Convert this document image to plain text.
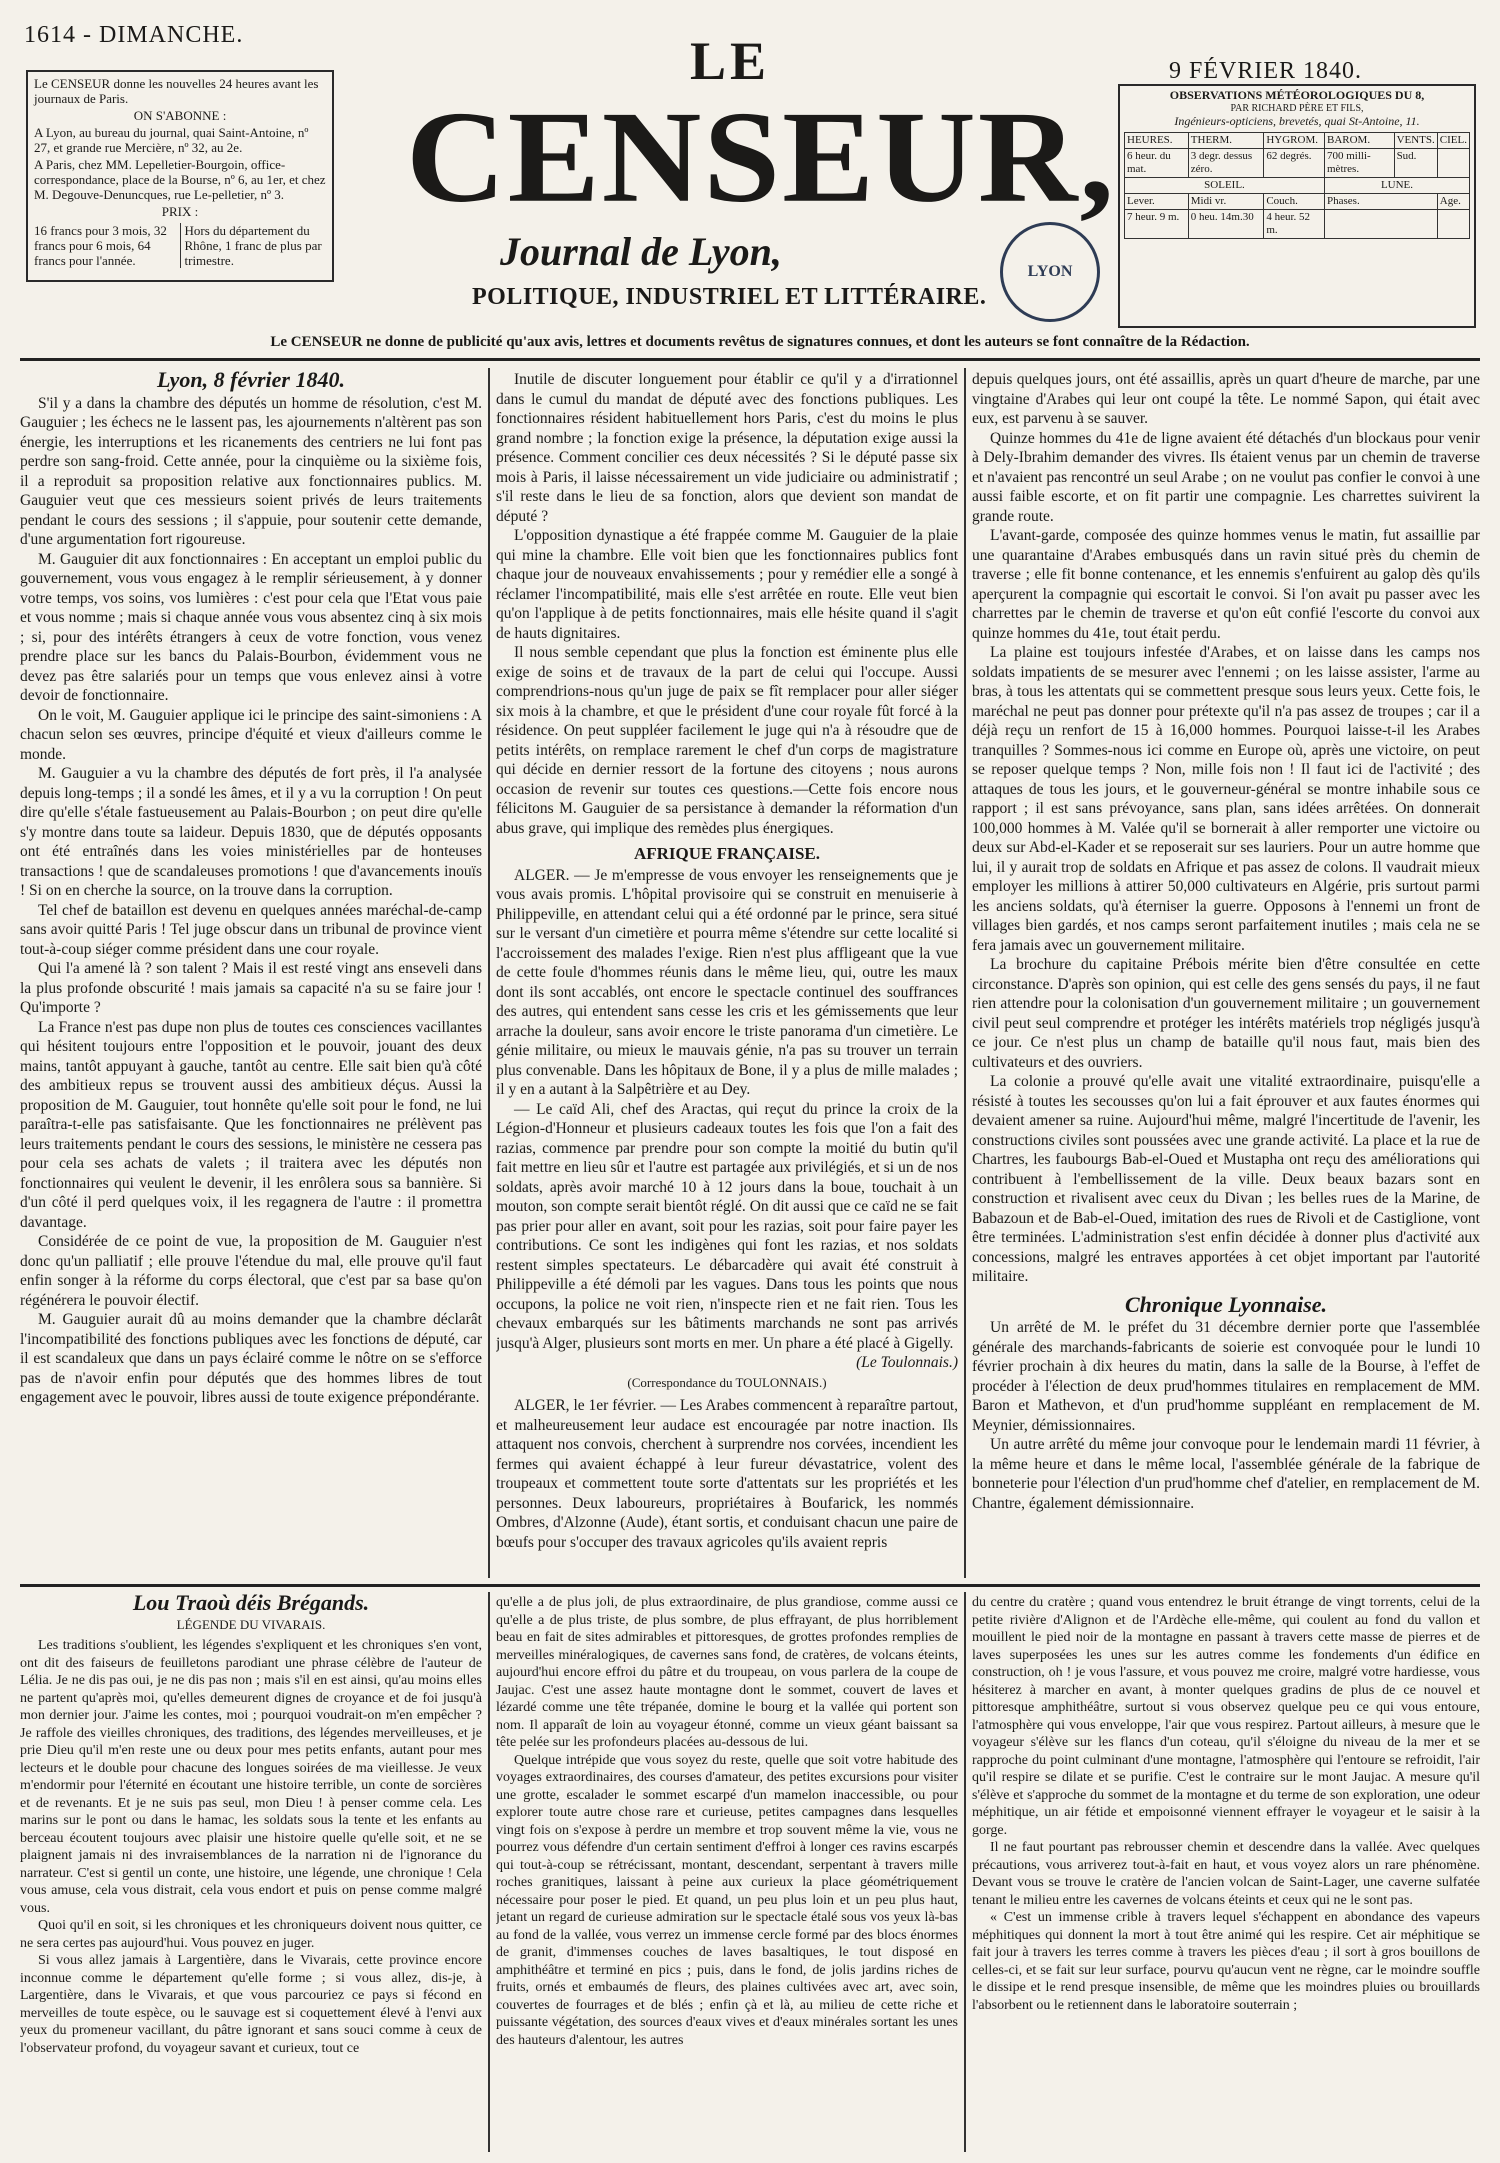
1614 - DIMANCHE.
9 FÉVRIER 1840.

Le CENSEUR donne les nouvelles 24 heures avant les journaux de Paris.

ON S'ABONNE :

A Lyon, au bureau du journal, quai Saint-Antoine, nº 27, et grande rue Mercière, nº 32, au 2e.

A Paris, chez MM. Lepelletier-Bourgoin, office-correspondance, place de la Bourse, nº 6, au 1er, et chez M. Degouve-Denuncques, rue Le-pelletier, nº 3.

PRIX :

16 francs pour 3 mois, 32 francs pour 6 mois, 64 francs pour l'année.
Hors du département du Rhône, 1 franc de plus par trimestre.
LE
CENSEUR,
Journal de Lyon,
POLITIQUE, INDUSTRIEL ET LITTÉRAIRE.
LYON
OBSERVATIONS MÉTÉOROLOGIQUES DU 8,
PAR RICHARD PÈRE ET FILS,
Ingénieurs-opticiens, brevetés, quai St-Antoine, 11.
HEURES.	THERM.	HYGROM.	BAROM.	VENTS.	CIEL.
6 heur. du mat.	3 degr. dessus zéro.	62 degrés.	700 milli-mètres.	Sud.	
SOLEIL.			LUNE.		
Lever.	Midi vr.	Couch.	Phases.		Age.
7 heur. 9 m.	0 heu. 14m.30	4 heur. 52 m.			
Le CENSEUR ne donne de publicité qu'aux avis, lettres et documents revêtus de signatures connues, et dont les auteurs se font connaître de la Rédaction.
Lyon, 8 février 1840.

S'il y a dans la chambre des députés un homme de résolution, c'est M. Gauguier ; les échecs ne le lassent pas, les ajournements n'altèrent pas son énergie, les interruptions et les ricanements des centriers ne lui font pas perdre son sang-froid. Cette année, pour la cinquième ou la sixième fois, il a reproduit sa proposition relative aux fonctionnaires publics. M. Gauguier veut que ces messieurs soient privés de leurs traitements pendant le cours des sessions ; il s'appuie, pour soutenir cette demande, d'une argumentation fort rigoureuse.

M. Gauguier dit aux fonctionnaires : En acceptant un emploi public du gouvernement, vous vous engagez à le remplir sérieusement, à y donner votre temps, vos soins, vos lumières : c'est pour cela que l'Etat vous paie et vous nomme ; mais si chaque année vous vous absentez cinq à six mois ; si, pour des intérêts étrangers à ceux de votre fonction, vous venez prendre place sur les bancs du Palais-Bourbon, évidemment vous ne devez pas être salariés pour un temps que vous enlevez ainsi à votre devoir de fonctionnaire.

On le voit, M. Gauguier applique ici le principe des saint-simoniens : A chacun selon ses œuvres, principe d'équité et vieux d'ailleurs comme le monde.

M. Gauguier a vu la chambre des députés de fort près, il l'a analysée depuis long-temps ; il a sondé les âmes, et il y a vu la corruption ! On peut dire qu'elle s'étale fastueusement au Palais-Bourbon ; on peut dire qu'elle s'y montre dans toute sa laideur. Depuis 1830, que de députés opposants ont été entraînés dans les voies ministérielles par de honteuses transactions ! que de scandaleuses promotions ! que d'avancements inouïs ! Si on en cherche la source, on la trouve dans la corruption.

Tel chef de bataillon est devenu en quelques années maréchal-de-camp sans avoir quitté Paris ! Tel juge obscur dans un tribunal de province vient tout-à-coup siéger comme président dans une cour royale.

Qui l'a amené là ? son talent ? Mais il est resté vingt ans enseveli dans la plus profonde obscurité ! mais jamais sa capacité n'a su se faire jour ! Qu'importe ?

La France n'est pas dupe non plus de toutes ces consciences vacillantes qui hésitent toujours entre l'opposition et le pouvoir, jouant des deux mains, tantôt appuyant à gauche, tantôt au centre. Elle sait bien qu'à côté des ambitieux repus se trouvent aussi des ambitieux déçus. Aussi la proposition de M. Gauguier, tout honnête qu'elle soit pour le fond, ne lui paraîtra-t-elle pas satisfaisante. Que les fonctionnaires ne prélèvent pas leurs traitements pendant le cours des sessions, le ministère ne cessera pas pour cela ses achats de valets ; il traitera avec les députés non fonctionnaires qui veulent le devenir, il les enrôlera sous sa bannière. Si d'un côté il perd quelques voix, il les regagnera de l'autre : il promettra davantage.

Considérée de ce point de vue, la proposition de M. Gauguier n'est donc qu'un palliatif ; elle prouve l'étendue du mal, elle prouve qu'il faut enfin songer à la réforme du corps électoral, que c'est par sa base qu'on régénérera le pouvoir électif.

M. Gauguier aurait dû au moins demander que la chambre déclarât l'incompatibilité des fonctions publiques avec les fonctions de député, car il est scandaleux que dans un pays éclairé comme le nôtre on se s'efforce pas de n'avoir enfin pour députés que des hommes libres de tout engagement avec le pouvoir, libres aussi de toute exigence prépondérante.

Inutile de discuter longuement pour établir ce qu'il y a d'irrationnel dans le cumul du mandat de député avec des fonctions publiques. Les fonctionnaires résident habituellement hors Paris, c'est du moins le plus grand nombre ; la fonction exige la présence, la députation exige aussi la présence. Comment concilier ces deux nécessités ? Si le député passe six mois à Paris, il laisse nécessairement un vide judiciaire ou administratif ; s'il reste dans le lieu de sa fonction, alors que devient son mandat de député ?

L'opposition dynastique a été frappée comme M. Gauguier de la plaie qui mine la chambre. Elle voit bien que les fonctionnaires publics font chaque jour de nouveaux envahissements ; pour y remédier elle a songé à réclamer l'incompatibilité, mais elle s'est arrêtée en route. Elle veut bien qu'on l'applique à de petits fonctionnaires, mais elle hésite quand il s'agit de hauts dignitaires.

Il nous semble cependant que plus la fonction est éminente plus elle exige de soins et de travaux de la part de celui qui l'occupe. Aussi comprendrions-nous qu'un juge de paix se fît remplacer pour aller siéger six mois à la chambre, et que le président d'une cour royale fût forcé à la résidence. On peut suppléer facilement le juge qui n'a à résoudre que de petits intérêts, on remplace rarement le chef d'un corps de magistrature qui décide en dernier ressort de la fortune des citoyens ; nous aurons occasion de revenir sur toutes ces questions.—Cette fois encore nous félicitons M. Gauguier de sa persistance à demander la réformation d'un abus grave, qui implique des remèdes plus énergiques.

AFRIQUE FRANÇAISE.

ALGER. — Je m'empresse de vous envoyer les renseignements que je vous avais promis. L'hôpital provisoire qui se construit en menuiserie à Philippeville, en attendant celui qui a été ordonné par le prince, sera situé sur le versant d'un cimetière et pourra même s'étendre sur cette localité si l'accroissement des malades l'exige. Rien n'est plus affligeant que la vue de cette foule d'hommes réunis dans le même lieu, qui, outre les maux dont ils sont accablés, ont encore le spectacle continuel des souffrances des autres, qui entendent sans cesse les cris et les gémissements que leur arrache la douleur, sans avoir encore le triste panorama d'un cimetière. Le génie militaire, ou mieux le mauvais génie, n'a pas su trouver un terrain plus convenable. Dans les hôpitaux de Bone, il y a plus de mille malades ; il y en a autant à la Salpêtrière et au Dey.

— Le caïd Ali, chef des Aractas, qui reçut du prince la croix de la Légion-d'Honneur et plusieurs cadeaux toutes les fois que l'on a fait des razias, commence par prendre pour son compte la moitié du butin qu'il fait mettre en lieu sûr et l'autre est partagée aux privilégiés, et si un de nos soldats, après avoir marché 10 à 12 jours dans la boue, touchait à un mouton, son compte serait bientôt réglé. On dit aussi que ce caïd ne se fait pas prier pour aller en avant, soit pour les razias, soit pour faire payer les contributions. Ce sont les indigènes qui font les razias, et nos soldats restent simples spectateurs. Le débarcadère qui avait été construit à Philippeville a été démoli par les vagues. Dans tous les points que nous occupons, la police ne voit rien, n'inspecte rien et ne fait rien. Tous les chevaux embarqués sur les bâtiments marchands ne sont pas arrivés jusqu'à Alger, plusieurs sont morts en mer. Un phare a été placé à Gigelly.

(Le Toulonnais.)
(Correspondance du TOULONNAIS.)

ALGER, le 1er février. — Les Arabes commencent à reparaître partout, et malheureusement leur audace est encouragée par notre inaction. Ils attaquent nos convois, cherchent à surprendre nos corvées, incendient les fermes qui avaient échappé à leur fureur dévastatrice, volent des troupeaux et commettent toute sorte d'attentats sur les propriétés et les personnes. Deux laboureurs, propriétaires à Boufarick, les nommés Ombres, d'Alzonne (Aude), étant sortis, et conduisant chacun une paire de bœufs pour s'occuper des travaux agricoles qu'ils avaient repris

depuis quelques jours, ont été assaillis, après un quart d'heure de marche, par une vingtaine d'Arabes qui leur ont coupé la tête. Le nommé Sapon, qui était avec eux, est parvenu à se sauver.

Quinze hommes du 41e de ligne avaient été détachés d'un blockaus pour venir à Dely-Ibrahim demander des vivres. Ils étaient venus par un chemin de traverse et n'avaient pas rencontré un seul Arabe ; on ne voulut pas confier le convoi à une aussi faible escorte, et on fit partir une compagnie. Les charrettes suivirent la grande route.

L'avant-garde, composée des quinze hommes venus le matin, fut assaillie par une quarantaine d'Arabes embusqués dans un ravin situé près du chemin de traverse ; elle fit bonne contenance, et les ennemis s'enfuirent au galop dès qu'ils aperçurent la compagnie qui escortait le convoi. Si l'on avait pu passer avec les charrettes par le chemin de traverse et qu'on eût confié l'escorte du convoi aux quinze hommes du 41e, tout était perdu.

La plaine est toujours infestée d'Arabes, et on laisse dans les camps nos soldats impatients de se mesurer avec l'ennemi ; on les laisse assister, l'arme au bras, à tous les attentats qui se commettent presque sous leurs yeux. Cette fois, le maréchal ne peut pas donner pour prétexte qu'il n'a pas assez de troupes ; car il a déjà reçu un renfort de 15 à 16,000 hommes. Pourquoi laisse-t-il les Arabes tranquilles ? Sommes-nous ici comme en Europe où, après une victoire, on peut se reposer quelque temps ? Non, mille fois non ! Il faut ici de l'activité ; des attaques de tous les jours, et le gouverneur-général se montre inhabile sous ce rapport ; il est sans prévoyance, sans plan, sans idées arrêtées. On donnerait 100,000 hommes à M. Valée qu'il se bornerait à aller remporter une victoire ou deux sur Abd-el-Kader et se reposerait sur ses lauriers. Pour un autre homme que lui, il y aurait trop de soldats en Afrique et pas assez de colons. Il vaudrait mieux employer les millions à attirer 50,000 cultivateurs en Algérie, pris surtout parmi les anciens soldats, qu'à éterniser la guerre. Opposons à l'ennemi un front de villages bien gardés, et nos camps seront parfaitement inutiles ; mais cela ne se fera jamais avec un gouvernement militaire.

La brochure du capitaine Prébois mérite bien d'être consultée en cette circonstance. D'après son opinion, qui est celle des gens sensés du pays, il ne faut rien attendre pour la colonisation d'un gouvernement militaire ; un gouvernement civil peut seul comprendre et protéger les intérêts matériels trop négligés jusqu'à ce jour. Ce n'est plus un champ de bataille qu'il nous faut, mais bien des cultivateurs et des ouvriers.

La colonie a prouvé qu'elle avait une vitalité extraordinaire, puisqu'elle a résisté à toutes les secousses qu'on lui a fait éprouver et aux fautes énormes qui devaient amener sa ruine. Aujourd'hui même, malgré l'incertitude de l'avenir, les constructions civiles sont poussées avec une grande activité. La place et la rue de Chartres, les faubourgs Bab-el-Oued et Mustapha ont reçu des améliorations qui contribuent à l'embellissement de la ville. Deux beaux bazars sont en construction et rivalisent avec ceux du Divan ; les belles rues de la Marine, de Babazoun et de Bab-el-Oued, imitation des rues de Rivoli et de Castiglione, vont être terminées. L'administration s'est enfin décidée à donner plus d'activité aux concessions, malgré les entraves apportées à cet objet important par l'autorité militaire.

Chronique Lyonnaise.

Un arrêté de M. le préfet du 31 décembre dernier porte que l'assemblée générale des marchands-fabricants de soierie est convoquée pour le lundi 10 février prochain à dix heures du matin, dans la salle de la Bourse, à l'effet de procéder à l'élection de deux prud'hommes titulaires en remplacement de MM. Baron et Mathevon, et d'un prud'homme suppléant en remplacement de M. Meynier, démissionnaires.

Un autre arrêté du même jour convoque pour le lendemain mardi 11 février, à la même heure et dans le même local, l'assemblée générale de la fabrique de bonneterie pour l'élection d'un prud'homme chef d'atelier, en remplacement de M. Chantre, également démissionnaire.

Lou Traoù déis Brégands.
LÉGENDE DU VIVARAIS.

Les traditions s'oublient, les légendes s'expliquent et les chroniques s'en vont, ont dit des faiseurs de feuilletons parodiant une phrase célèbre de l'auteur de Lélia. Je ne dis pas oui, je ne dis pas non ; mais s'il en est ainsi, qu'au moins elles ne partent qu'après moi, qu'elles demeurent dignes de croyance et de foi jusqu'à mon dernier jour. J'aime les contes, moi ; pourquoi voudrait-on m'en empêcher ? Je raffole des vieilles chroniques, des traditions, des légendes merveilleuses, et je prie Dieu qu'il m'en reste une ou deux pour mes petits enfants, autant pour mes lecteurs et le double pour chacune des longues soirées de ma vieillesse. Je veux m'endormir pour l'éternité en écoutant une histoire terrible, un conte de sorcières et de revenants. Et je ne suis pas seul, mon Dieu ! à penser comme cela. Les marins sur le pont ou dans le hamac, les soldats sous la tente et les enfants au berceau écoutent toujours avec plaisir une histoire quelle qu'elle soit, et ne se plaignent jamais ni des invraisemblances de la narration ni de l'ignorance du narrateur. C'est si gentil un conte, une histoire, une légende, une chronique ! Cela vous amuse, cela vous distrait, cela vous endort et puis on pense comme malgré vous.

Quoi qu'il en soit, si les chroniques et les chroniqueurs doivent nous quitter, ce ne sera certes pas aujourd'hui. Vous pouvez en juger.

Si vous allez jamais à Largentière, dans le Vivarais, cette province encore inconnue comme le département qu'elle forme ; si vous allez, dis-je, à Largentière, dans le Vivarais, et que vous parcouriez ce pays si fécond en merveilles de toute espèce, ou le sauvage est si coquettement élevé à l'envi aux yeux du promeneur vacillant, du pâtre ignorant et sans souci comme à ceux de l'observateur profond, du voyageur savant et curieux, tout ce

qu'elle a de plus joli, de plus extraordinaire, de plus grandiose, comme aussi ce qu'elle a de plus triste, de plus sombre, de plus effrayant, de plus horriblement beau en fait de sites admirables et pittoresques, de grottes profondes remplies de merveilles minéralogiques, de cavernes sans fond, de cratères, de volcans éteints, aujourd'hui encore effroi du pâtre et du troupeau, on vous parlera de la coupe de Jaujac. C'est une assez haute montagne dont le sommet, couvert de laves et lézardé comme une tête trépanée, domine le bourg et la vallée qui portent son nom. Il apparaît de loin au voyageur étonné, comme un vieux géant baissant sa tête pelée sur les profondeurs placées au-dessous de lui.

Quelque intrépide que vous soyez du reste, quelle que soit votre habitude des voyages extraordinaires, des courses d'amateur, des petites excursions pour visiter une grotte, escalader le sommet escarpé d'un mamelon inaccessible, ou pour explorer toute autre chose rare et curieuse, petites campagnes dans lesquelles vingt fois on s'expose à perdre un membre et trop souvent même la vie, vous ne pourrez vous défendre d'un certain sentiment d'effroi à longer ces ravins escarpés qui tout-à-coup se rétrécissant, montant, descendant, serpentant à travers mille roches granitiques, laissant à peine aux curieux la place géométriquement nécessaire pour poser le pied. Et quand, un peu plus loin et un peu plus haut, jetant un regard de curieuse admiration sur le spectacle étalé sous vos yeux là-bas au fond de la vallée, vous verrez un immense cercle formé par des blocs énormes de granit, d'immenses couches de laves basaltiques, le tout disposé en amphithéâtre et terminé en pics ; puis, dans le fond, de jolis jardins riches de fruits, ornés et embaumés de fleurs, des plaines cultivées avec art, avec soin, couvertes de fourrages et de blés ; enfin çà et là, au milieu de cette riche et puissante végétation, des sources d'eaux vives et d'eaux minérales sortant les unes des hauteurs d'alentour, les autres

du centre du cratère ; quand vous entendrez le bruit étrange de vingt torrents, celui de la petite rivière d'Alignon et de l'Ardèche elle-même, qui coulent au fond du vallon et mouillent le pied noir de la montagne en passant à travers cette masse de pierres et de laves superposées les unes sur les autres comme les fondements d'un édifice en construction, oh ! je vous l'assure, et vous pouvez me croire, malgré votre hardiesse, vous hésiterez à marcher en avant, à monter quelques gradins de plus de ce nouvel et pittoresque amphithéâtre, surtout si vous observez quelque peu ce qui vous entoure, l'atmosphère qui vous enveloppe, l'air que vous respirez. Partout ailleurs, à mesure que le voyageur s'élève sur les flancs d'un coteau, qu'il s'éloigne du niveau de la mer et se rapproche du point culminant d'une montagne, l'atmosphère qui l'entoure se refroidit, l'air qu'il respire se dilate et se purifie. C'est le contraire sur le mont Jaujac. A mesure qu'il s'élève et s'approche du sommet de la montagne et du terme de son exploration, une odeur méphitique, un air fétide et empoisonné viennent effrayer le voyageur et le saisir à la gorge.

Il ne faut pourtant pas rebrousser chemin et descendre dans la vallée. Avec quelques précautions, vous arriverez tout-à-fait en haut, et vous voyez alors un rare phénomène. Devant vous se trouve le cratère de l'ancien volcan de Saint-Lager, une caverne sulfatée tenant le milieu entre les cavernes de volcans éteints et ceux qui ne le sont pas.

« C'est un immense crible à travers lequel s'échappent en abondance des vapeurs méphitiques qui donnent la mort à tout être animé qui les respire. Cet air méphitique se fait jour à travers les terres comme à travers les pièces d'eau ; il sort à gros bouillons de celles-ci, et se fait sur leur surface, pourvu qu'aucun vent ne règne, car le moindre souffle le dissipe et le rend presque insensible, de même que les moindres pluies ou brouillards l'absorbent ou le retiennent dans le laboratoire souterrain ;
